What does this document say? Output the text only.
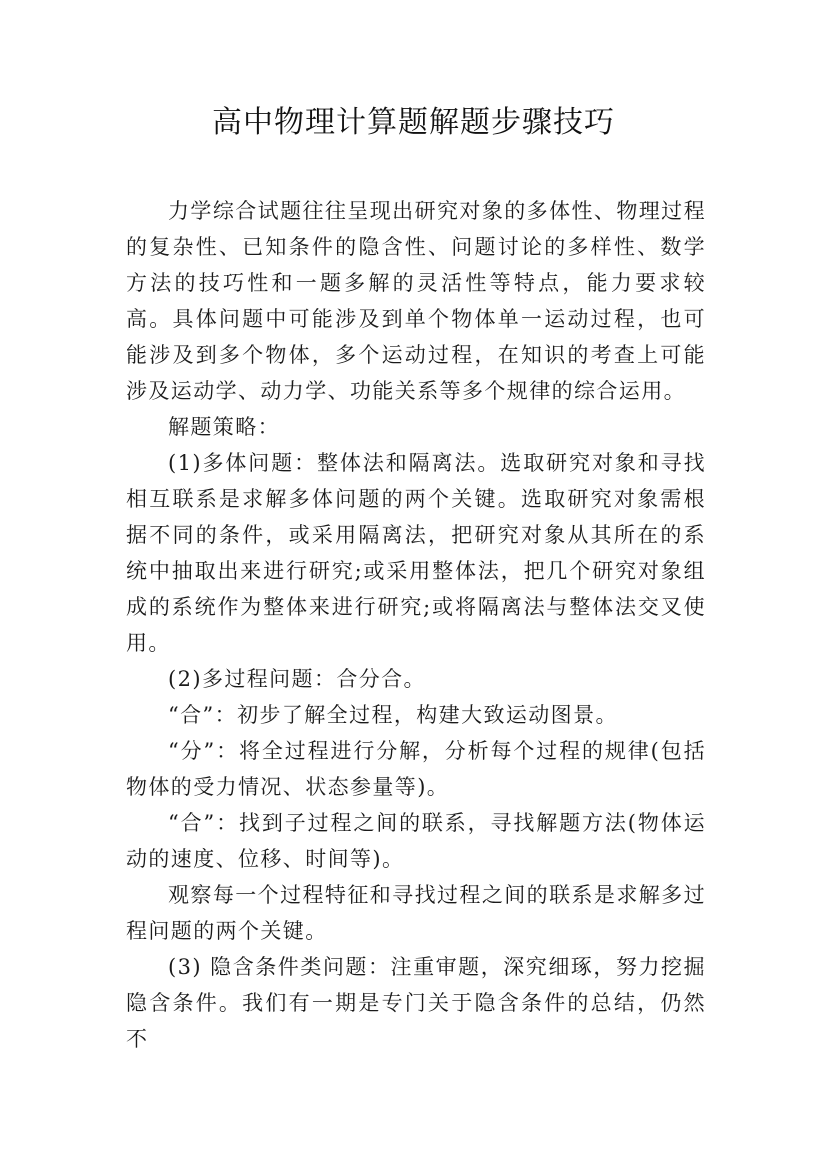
高中物理计算题解题步骤技巧

力学综合试题往往呈现出研究对象的多体性、物理过程的复杂性、已知条件的隐含性、问题讨论的多样性、数学方法的技巧性和一题多解的灵活性等特点，能力要求较高。具体问题中可能涉及到单个物体单一运动过程，也可能涉及到多个物体，多个运动过程，在知识的考查上可能涉及运动学、动力学、功能关系等多个规律的综合运用。

解题策略：

(1)多体问题：整体法和隔离法。选取研究对象和寻找相互联系是求解多体问题的两个关键。选取研究对象需根据不同的条件，或采用隔离法，把研究对象从其所在的系统中抽取出来进行研究;或采用整体法，把几个研究对象组成的系统作为整体来进行研究;或将隔离法与整体法交叉使用。

(2)多过程问题：合分合。

“合”：初步了解全过程，构建大致运动图景。

“分”：将全过程进行分解，分析每个过程的规律(包括物体的受力情况、状态参量等)。

“合”：找到子过程之间的联系，寻找解题方法(物体运动的速度、位移、时间等)。

观察每一个过程特征和寻找过程之间的联系是求解多过程问题的两个关键。

(3) 隐含条件类问题：注重审题，深究细琢，努力挖掘隐含条件。我们有一期是专门关于隐含条件的总结，仍然不
